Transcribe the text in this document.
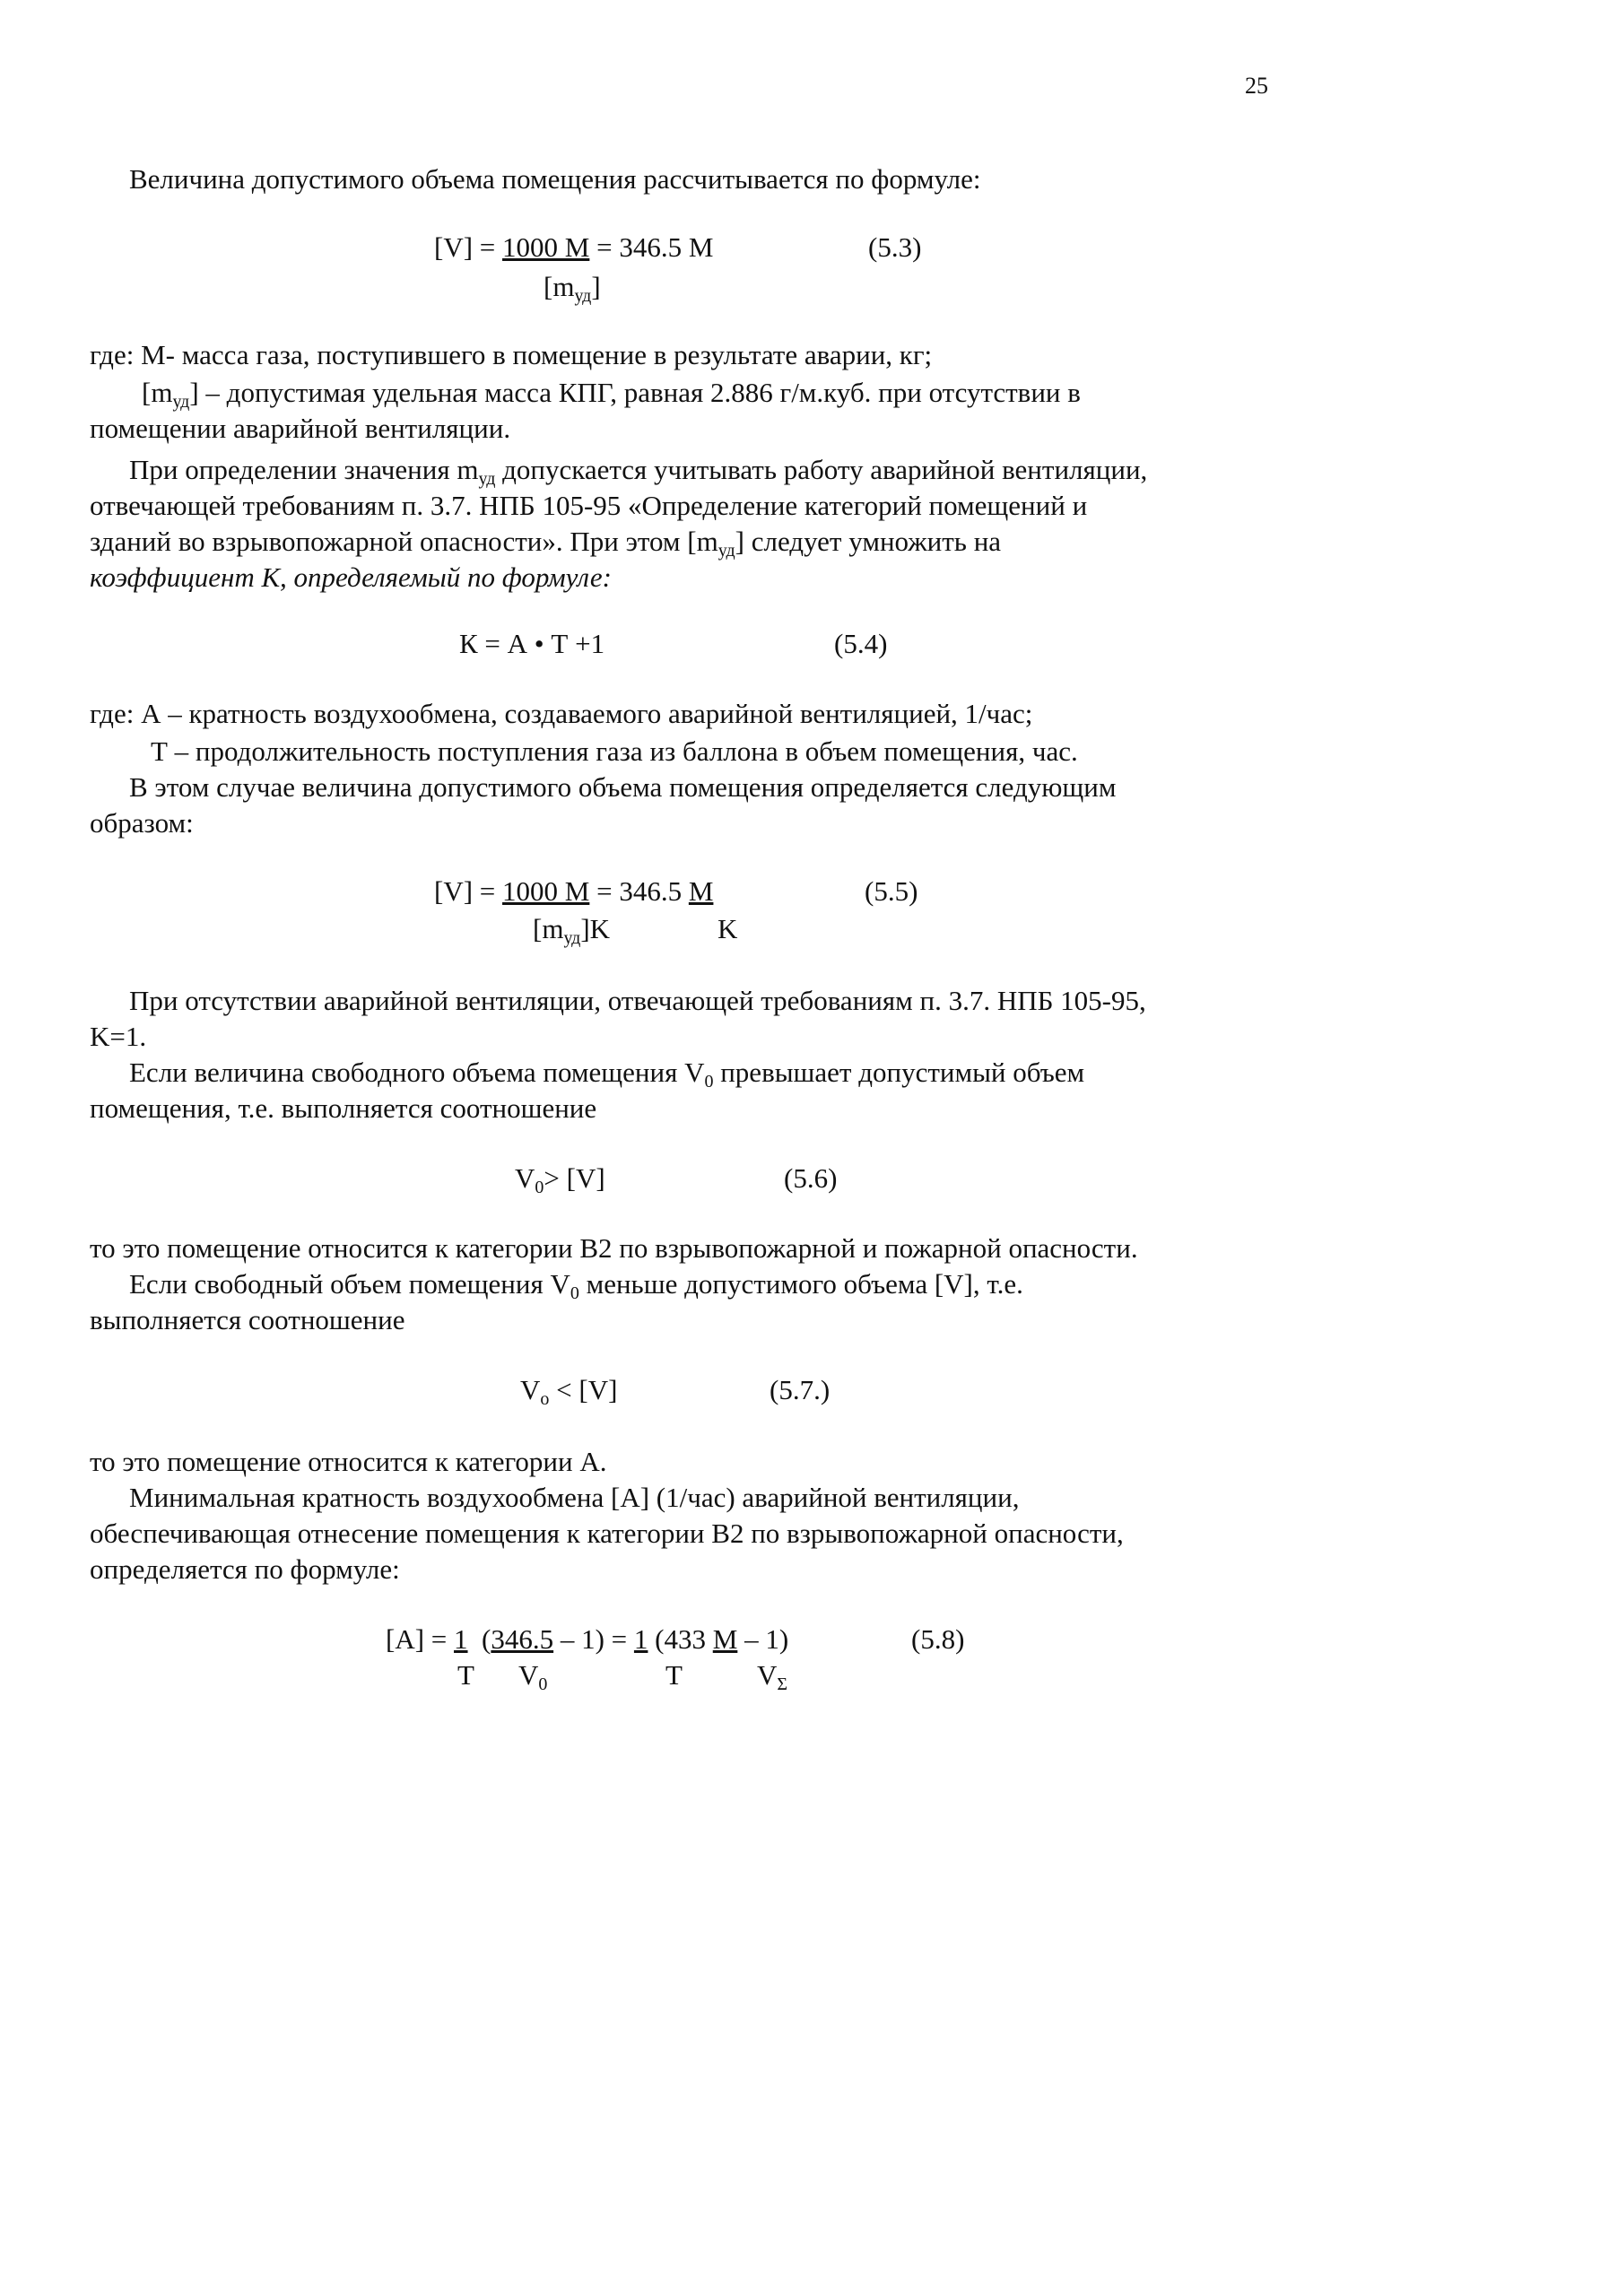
25
Величина допустимого объема помещения рассчитывается по формуле:
[V] = 1000 M = 346.5 M
$[m_{уд}]$
(5.3)
где: M- масса газа, поступившего в помещение в результате аварии, кг;
$[m_{уд}]$ – допустимая удельная масса КПГ, равная 2.886 г/м.куб. при отсутствии в
помещении аварийной вентиляции.
При определении значения $m_{уд}$ допускается учитывать работу аварийной вентиляции,
отвечающей требованиям п. 3.7. НПБ 105-95 «Определение категорий помещений и
зданий во взрывопожарной опасности». При этом $[m_{уд}]$ следует умножить на
коэффициент К, определяемый по формуле:
К = А • Т +1	(5.4)
где: А – кратность воздухообмена, создаваемого аварийной вентиляцией, 1/час;
Т – продолжительность поступления газа из баллона в объем помещения, час.
В этом случае величина допустимого объема помещения определяется следующим
образом:
[V] = 1000 M = 346.5 M
$[m_{уд}]K$	K
(5.5)
При отсутствии аварийной вентиляции, отвечающей требованиям п. 3.7. НПБ 105-95,
K=1.
Если величина свободного объема помещения $V_0$ превышает допустимый объем
помещения, т.е. выполняется соотношение
$V_0> [V]$	(5.6)
то это помещение относится к категории В2 по взрывопожарной и пожарной опасности.
Если свободный объем помещения $V_0$ меньше допустимого объема [V], т.е.
выполняется соотношение
$V_o < [V]$	(5.7.)
то это помещение относится к категории А.
Минимальная кратность воздухообмена [А] (1/час) аварийной вентиляции,
обеспечивающая отнесение помещения к категории В2 по взрывопожарной опасности,
определяется по формуле:
[A] = 1 (346.5 – 1) = 1 (433 M – 1)
T $V_0$	T	$V_\Sigma$
(5.8)
